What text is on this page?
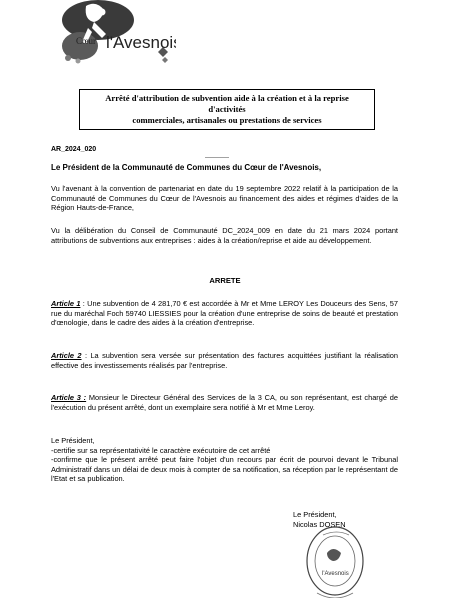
Cœur l'Avesnois
Arrêté d'attribution de subvention aide à la création et à la reprise
d'activités
commerciales, artisanales ou prestations de services
AR_2024_020
------------
Le Président de la Communauté de Communes du Cœur de l'Avesnois,
Vu l'avenant à la convention de partenariat en date du 19 septembre 2022 relatif à la participation de la Communauté de Communes du Cœur de l'Avesnois au financement des aides et régimes d'aides de la Région Hauts-de-France,
Vu la délibération du Conseil de Communauté DC_2024_009 en date du 21 mars 2024 portant attributions de subventions aux entreprises : aides à la création/reprise et aide au développement.
ARRETE
Article 1 : Une subvention de 4 281,70 € est accordée à Mr et Mme LEROY Les Douceurs des Sens, 57 rue du maréchal Foch 59740 LIESSIES pour la création d'une entreprise de soins de beauté et prestation d'œnologie, dans le cadre des aides à la création d'entreprise.
Article 2 : La subvention sera versée sur présentation des factures acquittées justifiant la réalisation effective des investissements réalisés par l'entreprise.
Article 3 : Monsieur le Directeur Général des Services de la 3 CA, ou son représentant, est chargé de l'exécution du présent arrêté, dont un exemplaire sera notifié à Mr et Mme Leroy.
Le Président,
-certifie sur sa représentativité le caractère exécutoire de cet arrêté
-confirme que le présent arrêté peut faire l'objet d'un recours par écrit de pourvoi devant le Tribunal Administratif dans un délai de deux mois à compter de sa notification, sa réception par le représentant de l'Etat et sa publication.
Le Président,
Nicolas DOSEN
l'Avesnois
